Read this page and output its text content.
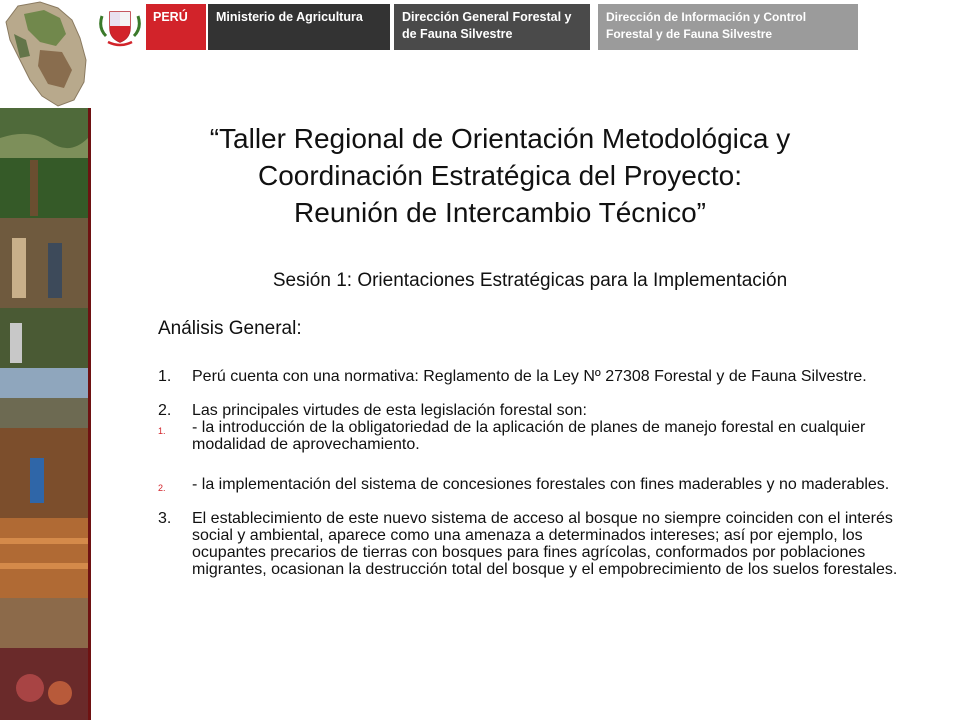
PERÚ	Ministerio de Agricultura	Dirección General Forestal y de Fauna Silvestre
Dirección de Información y Control Forestal y de Fauna Silvestre
“Taller Regional de Orientación Metodológica y
Coordinación Estratégica del Proyecto:
Reunión de Intercambio Técnico”

Sesión 1: Orientaciones Estratégicas para la Implementación

Análisis General:

1. Perú cuenta con una normativa: Reglamento de la Ley Nº 27308 Forestal y de Fauna Silvestre.

2. Las principales virtudes de esta legislación forestal son:

1. - la introducción de la obligatoriedad de la aplicación de planes de manejo forestal en cualquier modalidad de aprovechamiento.

2. - la implementación del sistema de concesiones forestales con fines maderables y no maderables.

3. El establecimiento de este nuevo sistema de acceso al bosque no siempre coinciden con el interés social y ambiental, aparece como una amenaza a determinados intereses; así por ejemplo, los ocupantes precarios de tierras con bosques para fines agrícolas, conformados por poblaciones migrantes, ocasionan la destrucción total del bosque y el empobrecimiento de los suelos forestales.
